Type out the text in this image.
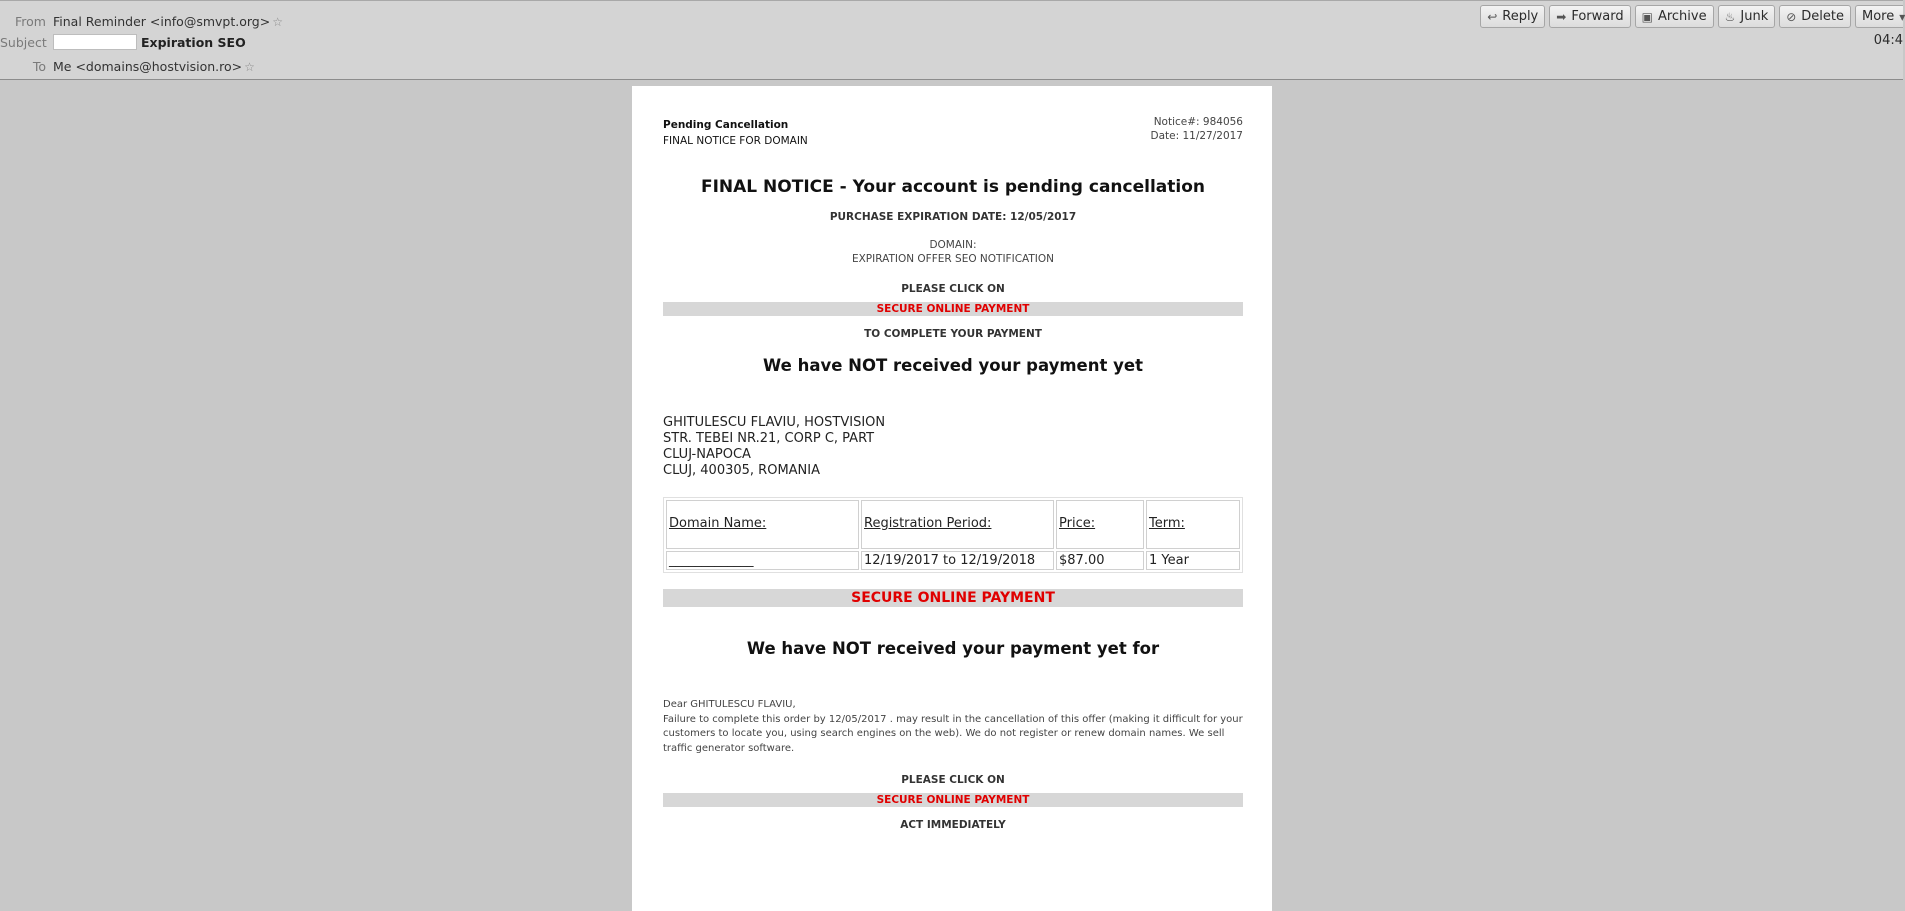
From Final Reminder <info@smvpt.org> ☆
Subject	Expiration SEO
To Me <domains@hostvision.ro> ☆
↩ Reply ➡ Forward ▣ Archive ♨ Junk ⊘ Delete More ▾
04:4
Pending Cancellation
FINAL NOTICE FOR DOMAIN
Notice#: 984056
Date: 11/27/2017
FINAL NOTICE - Your account is pending cancellation
PURCHASE EXPIRATION DATE: 12/05/2017
DOMAIN:
EXPIRATION OFFER SEO NOTIFICATION
PLEASE CLICK ON
SECURE ONLINE PAYMENT
TO COMPLETE YOUR PAYMENT
We have NOT received your payment yet
GHITULESCU FLAVIU, HOSTVISION
STR. TEBEI NR.21, CORP C, PART
CLUJ-NAPOCA
CLUJ, 400305, ROMANIA
Domain Name:	Registration Period:	Price:	Term:
_____________	12/19/2017 to 12/19/2018	$87.00	1 Year
SECURE ONLINE PAYMENT
We have NOT received your payment yet for
Dear GHITULESCU FLAVIU,
Failure to complete this order by 12/05/2017 . may result in the cancellation of this offer (making it difficult for your customers to locate you, using search engines on the web). We do not register or renew domain names. We sell traffic generator software.
PLEASE CLICK ON
SECURE ONLINE PAYMENT
ACT IMMEDIATELY
